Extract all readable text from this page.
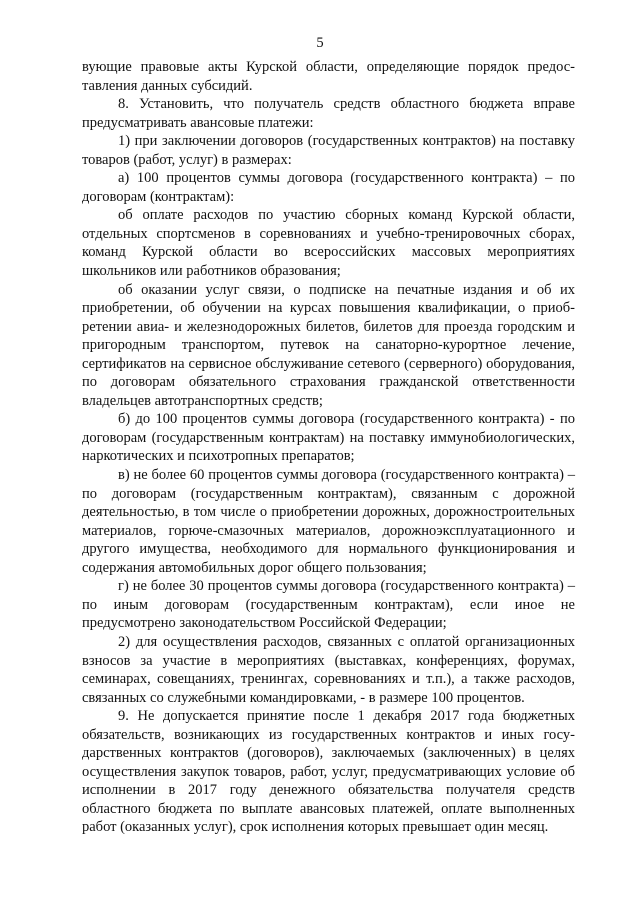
5

вующие правовые акты Курской области, определяющие порядок предоставления данных субсидий.

8. Установить, что получатель средств областного бюджета вправе предусматривать авансовые платежи:

1) при заключении договоров (государственных контрактов) на поставку товаров (работ, услуг) в размерах:

а) 100 процентов суммы договора (государственного контракта) – по договорам (контрактам):

об оплате расходов по участию сборных команд Курской области, отдельных спортсменов в соревнованиях и учебно-тренировочных сборах, команд Курской области во всероссийских массовых мероприятиях школьников или работников образования;

об оказании услуг связи, о подписке на печатные издания и об их приобретении, об обучении на курсах повышения квалификации, о приобретении авиа- и железнодорожных билетов, билетов для проезда городским и пригородным транспортом, путевок на санаторно-курортное лечение, сертификатов на сервисное обслуживание сетевого (серверного) оборудования, по договорам обязательного страхования гражданской ответственности владельцев автотранспортных средств;

б) до 100 процентов суммы договора (государственного контракта) - по договорам (государственным контрактам) на поставку иммунобиологических, наркотических и психотропных препаратов;

в) не более 60 процентов суммы договора (государственного контракта) – по договорам (государственным контрактам), связанным с дорожной деятельностью, в том числе о приобретении дорожных, дорожностроительных материалов, горюче-смазочных материалов, дорожноэксплуатационного и другого имущества, необходимого для нормального функционирования и содержания автомобильных дорог общего пользования;

г) не более 30 процентов суммы договора (государственного контракта) – по иным договорам (государственным контрактам), если иное не предусмотрено законодательством Российской Федерации;

2) для осуществления расходов, связанных с оплатой организационных взносов за участие в мероприятиях (выставках, конференциях, форумах, семинарах, совещаниях, тренингах, соревнованиях и т.п.), а также расходов, связанных со служебными командировками, - в размере 100 процентов.

9. Не допускается принятие после 1 декабря 2017 года бюджетных обязательств, возникающих из государственных контрактов и иных государственных контрактов (договоров), заключаемых (заключенных) в целях осуществления закупок товаров, работ, услуг, предусматривающих условие об исполнении в 2017 году денежного обязательства получателя средств областного бюджета по выплате авансовых платежей, оплате выполненных работ (оказанных услуг), срок исполнения которых превышает один месяц.
